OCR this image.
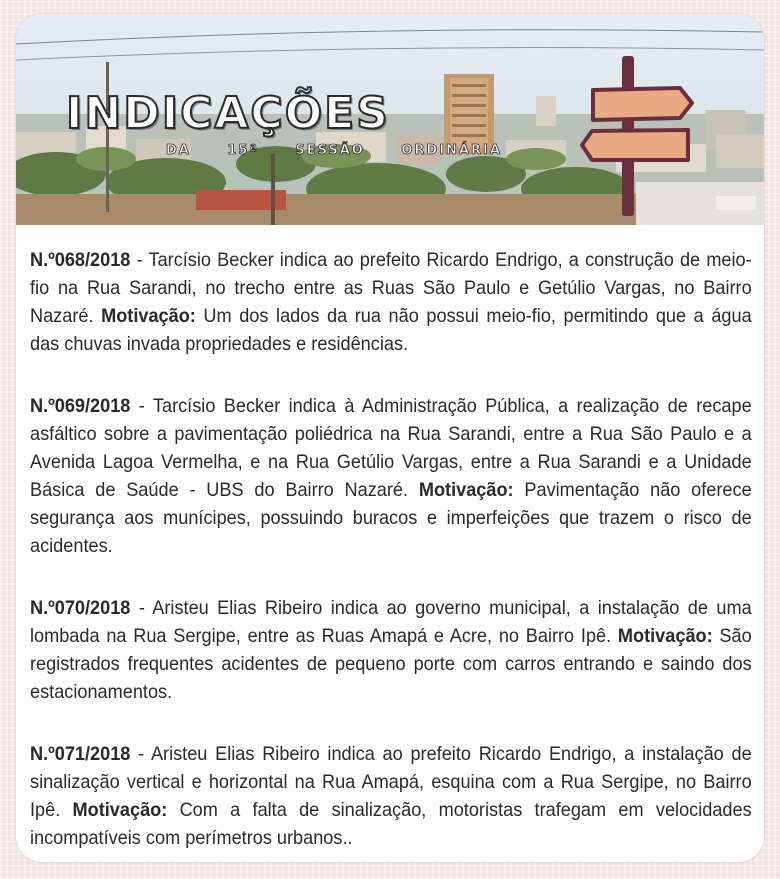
INDICAÇÕES
DA 15ª SESSÃO ORDINÁRIA

N.º068/2018 - Tarcísio Becker indica ao prefeito Ricardo Endrigo, a construção de meio-fio na Rua Sarandi, no trecho entre as Ruas São Paulo e Getúlio Vargas, no Bairro Nazaré. Motivação: Um dos lados da rua não possui meio-fio, permitindo que a água das chuvas invada propriedades e residências.

N.º069/2018 - Tarcísio Becker indica à Administração Pública, a realização de recape asfáltico sobre a pavimentação poliédrica na Rua Sarandi, entre a Rua São Paulo e a Avenida Lagoa Vermelha, e na Rua Getúlio Vargas, entre a Rua Sarandi e a Unidade Básica de Saúde - UBS do Bairro Nazaré. Motivação: Pavimentação não oferece segurança aos munícipes, possuindo buracos e imperfeições que trazem o risco de acidentes.

N.º070/2018 - Aristeu Elias Ribeiro indica ao governo municipal, a instalação de uma lombada na Rua Sergipe, entre as Ruas Amapá e Acre, no Bairro Ipê. Motivação: São registrados frequentes acidentes de pequeno porte com carros entrando e saindo dos estacionamentos.

N.º071/2018 - Aristeu Elias Ribeiro indica ao prefeito Ricardo Endrigo, a instalação de sinalização vertical e horizontal na Rua Amapá, esquina com a Rua Sergipe, no Bairro Ipê. Motivação: Com a falta de sinalização, motoristas trafegam em velocidades incompatíveis com perímetros urbanos..
